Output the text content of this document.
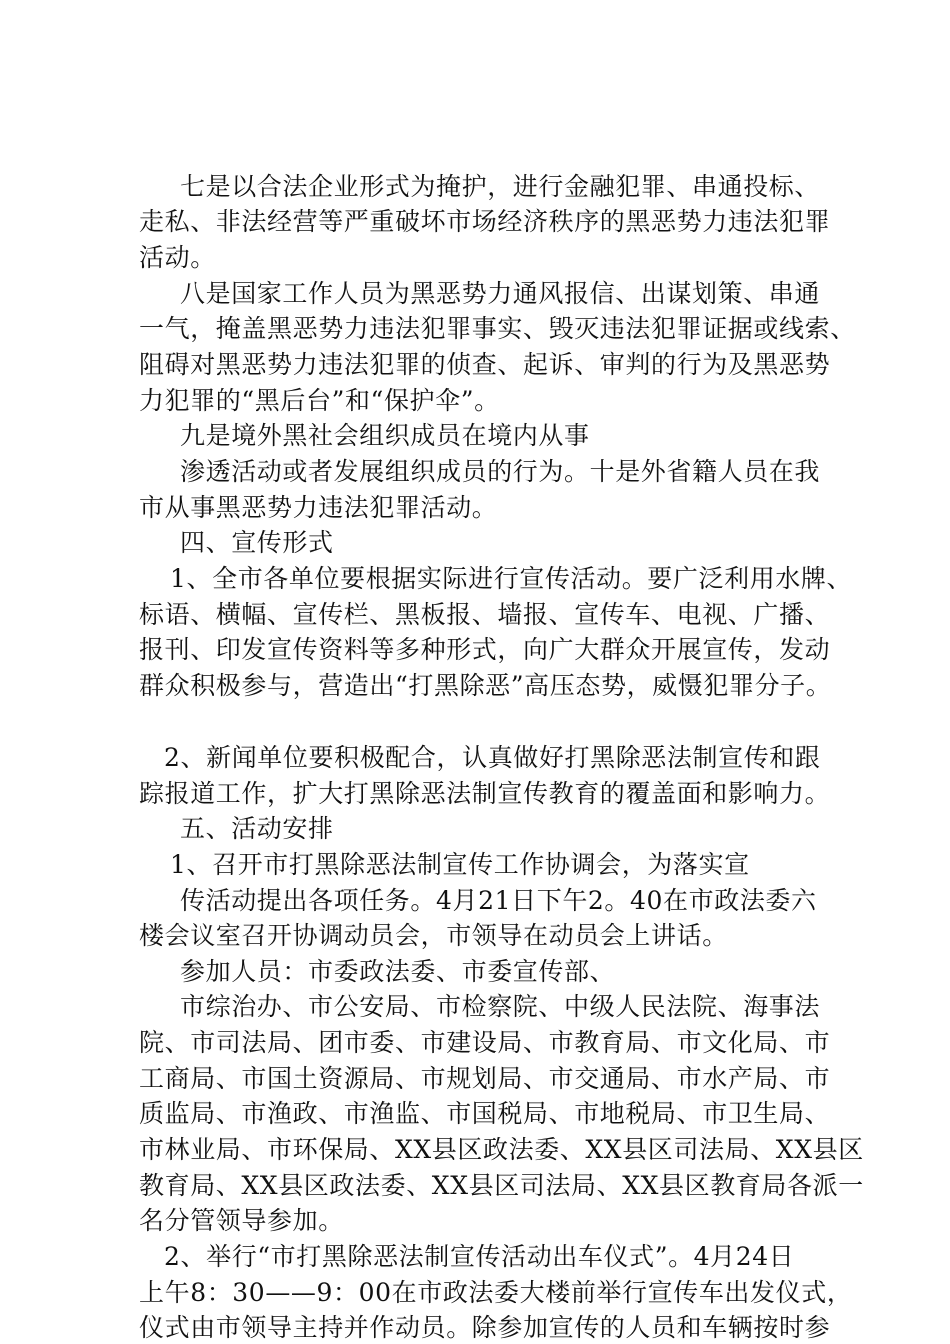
七是以合法企业形式为掩护，进行金融犯罪、串通投标、
走私、非法经营等严重破坏市场经济秩序的黑恶势力违法犯罪
活动。
八是国家工作人员为黑恶势力通风报信、出谋划策、串通
一气，掩盖黑恶势力违法犯罪事实、毁灭违法犯罪证据或线索、
阻碍对黑恶势力违法犯罪的侦查、起诉、审判的行为及黑恶势
力犯罪的“黑后台”和“保护伞”。
九是境外黑社会组织成员在境内从事
渗透活动或者发展组织成员的行为。十是外省籍人员在我
市从事黑恶势力违法犯罪活动。
四、宣传形式
1、全市各单位要根据实际进行宣传活动。要广泛利用水牌、
标语、横幅、宣传栏、黑板报、墙报、宣传车、电视、广播、
报刊、印发宣传资料等多种形式，向广大群众开展宣传，发动
群众积极参与，营造出“打黑除恶”高压态势，威慑犯罪分子。
2、新闻单位要积极配合，认真做好打黑除恶法制宣传和跟
踪报道工作，扩大打黑除恶法制宣传教育的覆盖面和影响力。
五、活动安排
1、召开市打黑除恶法制宣传工作协调会，为落实宣
传活动提出各项任务。4月21日下午2。40在市政法委六
楼会议室召开协调动员会，市领导在动员会上讲话。
参加人员：市委政法委、市委宣传部、
市综治办、市公安局、市检察院、中级人民法院、海事法
院、市司法局、团市委、市建设局、市教育局、市文化局、市
工商局、市国土资源局、市规划局、市交通局、市水产局、市
质监局、市渔政、市渔监、市国税局、市地税局、市卫生局、
市林业局、市环保局、XX县区政法委、XX县区司法局、XX县区
教育局、XX县区政法委、XX县区司法局、XX县区教育局各派一
名分管领导参加。
2、举行“市打黑除恶法制宣传活动出车仪式”。4月24日
上午8：30——9：00在市政法委大楼前举行宣传车出发仪式，
仪式由市领导主持并作动员。除参加宣传的人员和车辆按时参
